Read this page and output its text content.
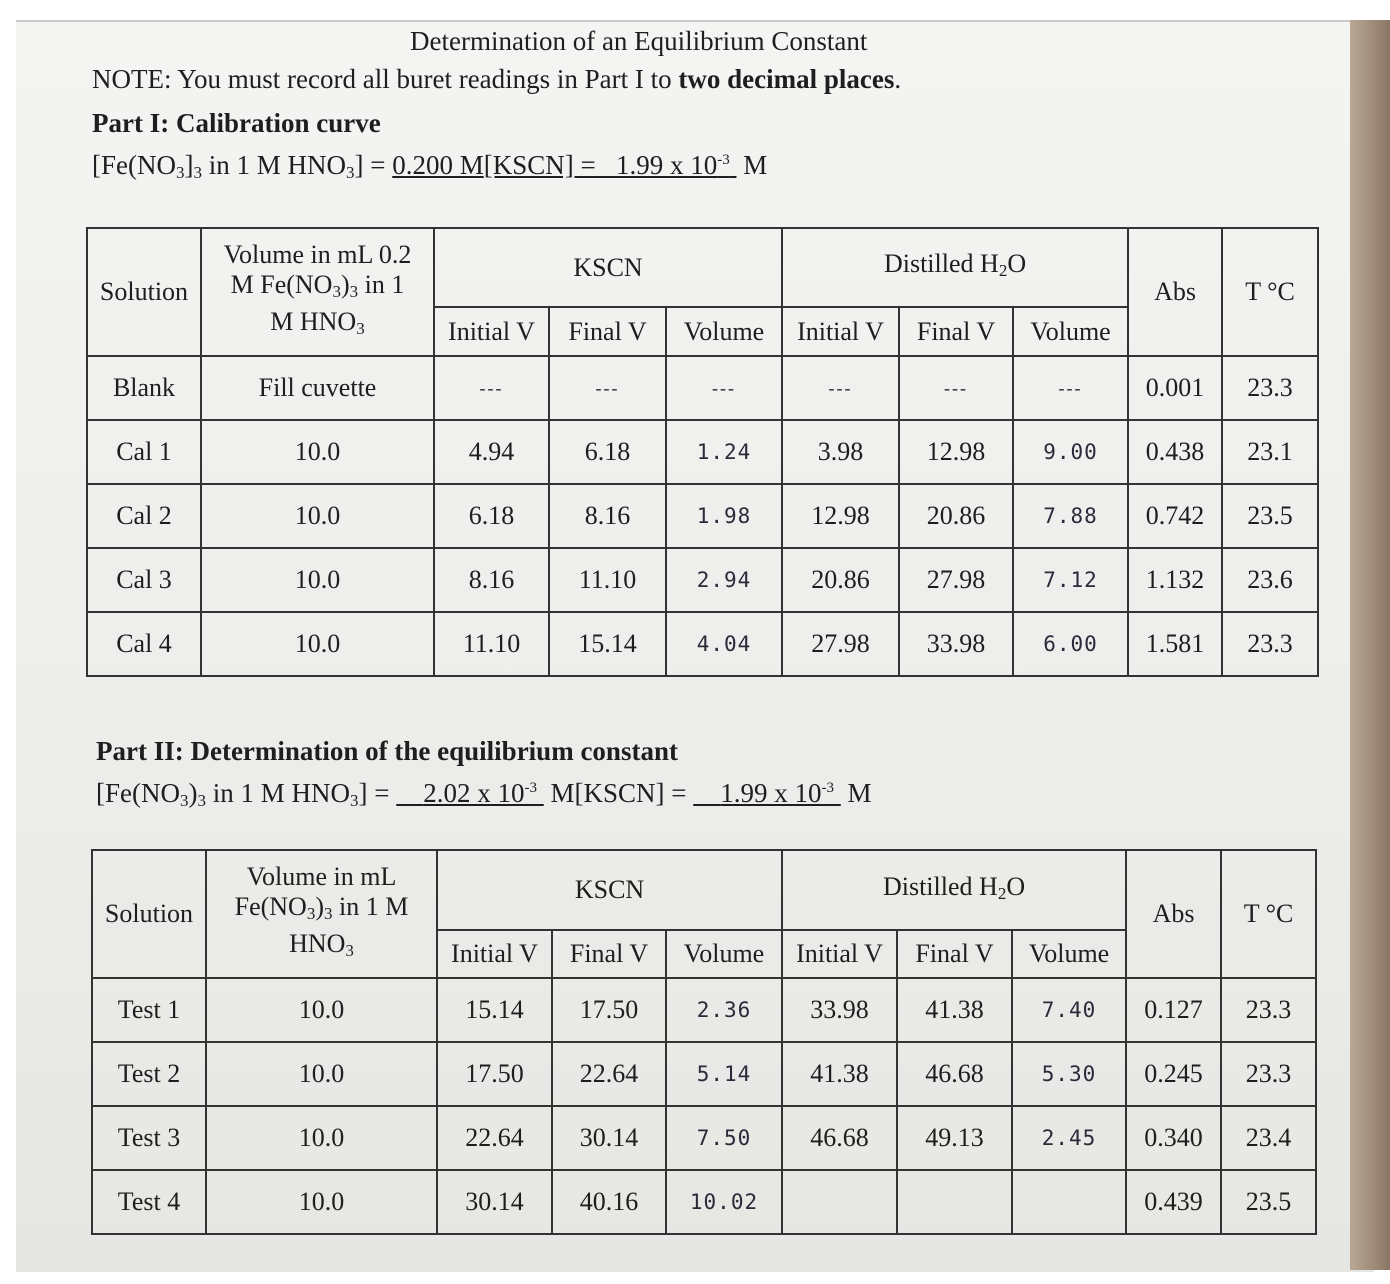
Determination of an Equilibrium Constant
NOTE: You must record all buret readings in Part I to two decimal places.
Part I: Calibration curve
[$Fe(NO_3]_3$ in 1 M $HNO_3] = 0.200$ M[KSCN] =   1.99 x $10^{-3}$ M
Solution	Volume in mL 0.2
M $Fe(NO_3)_3$ in 1
M $HNO_3$	KSCN			Distilled $H_2O$			Abs	T °C
		Initial V	Final V	Volume	Initial V	Final V	Volume		
Blank	Fill cuvette	---	---	---	---	---	---	0.001	23.3
Cal 1	10.0	4.94	6.18	1.24	3.98	12.98	9.00	0.438	23.1
Cal 2	10.0	6.18	8.16	1.98	12.98	20.86	7.88	0.742	23.5
Cal 3	10.0	8.16	11.10	2.94	20.86	27.98	7.12	1.132	23.6
Cal 4	10.0	11.10	15.14	4.04	27.98	33.98	6.00	1.581	23.3
Part II: Determination of the equilibrium constant
[$Fe(NO_3)_3$ in 1 M $HNO_3$] =     2.02 x $10^{-3}$  M[KSCN] =     1.99 x $10^{-3}$ M
Solution	Volume in mL
$Fe(NO_3)_3$ in 1 M
$HNO_3$	KSCN			Distilled $H_2O$			Abs	T °C
		Initial V	Final V	Volume	Initial V	Final V	Volume		
Test 1	10.0	15.14	17.50	2.36	33.98	41.38	7.40	0.127	23.3
Test 2	10.0	17.50	22.64	5.14	41.38	46.68	5.30	0.245	23.3
Test 3	10.0	22.64	30.14	7.50	46.68	49.13	2.45	0.340	23.4
Test 4	10.0	30.14	40.16	10.02				0.439	23.5
